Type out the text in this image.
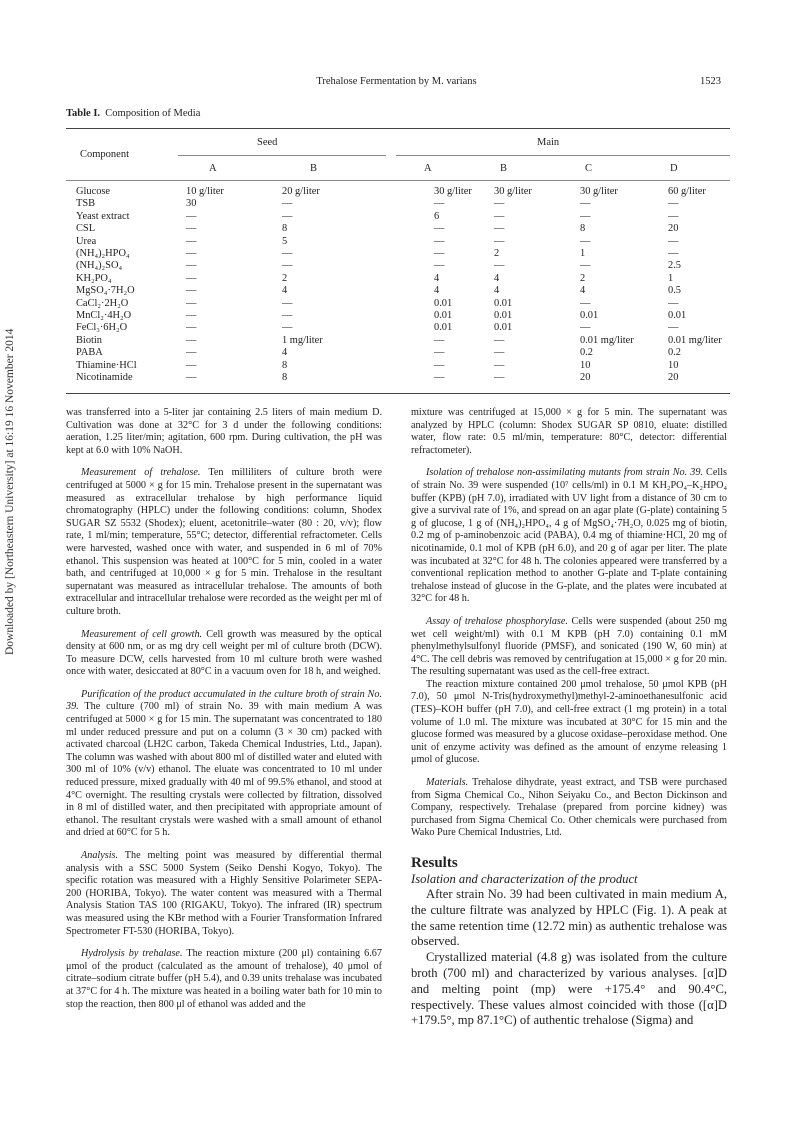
Trehalose Fermentation by M. varians	1523
Downloaded by [Northeastern University] at 16:19 16 November 2014
Table I. Composition of Media
Seed	Main
Component
A	B	A	B	C	D
Glucose	10 g/liter	20 g/liter	30 g/liter	30 g/liter	30 g/liter	60 g/liter
TSB	30	—	—	—	—	—
Yeast extract	—	—	6	—	—	—
CSL	—	8	—	—	8	20
Urea	—	5	—	—	—	—
(NH₄)₂HPO₄	—	—	—	2	1	—
(NH₄)₂SO₄	—	—	—	—	—	2.5
KH₂PO₄	—	2	4	4	2	1
MgSO₄·7H₂O	—	4	4	4	4	0.5
CaCl₂·2H₂O	—	—	0.01	0.01	—	—
MnCl₂·4H₂O	—	—	0.01	0.01	0.01	0.01
FeCl₃·6H₂O	—	—	0.01	0.01	—	—
Biotin	—	1 mg/liter	—	—	0.01 mg/liter	0.01 mg/liter
PABA	—	4	—	—	0.2	0.2
Thiamine·HCl	—	8	—	—	10	10
Nicotinamide	—	8	—	—	20	20

was transferred into a 5-liter jar containing 2.5 liters of main medium D. Cultivation was done at 32°C for 3 d under the following conditions: aeration, 1.25 liter/min; agitation, 600 rpm. During cultivation, the pH was kept at 6.0 with 10% NaOH.

Measurement of trehalose. Ten milliliters of culture broth were centrifuged at 5000 × g for 15 min. Trehalose present in the supernatant was measured as extracellular trehalose by high performance liquid chromatography (HPLC) under the following conditions: column, Shodex SUGAR SZ 5532 (Shodex); eluent, acetonitrile–water (80 : 20, v/v); flow rate, 1 ml/min; temperature, 55°C; detector, differential refractometer. Cells were harvested, washed once with water, and suspended in 6 ml of 70% ethanol. This suspension was heated at 100°C for 5 min, cooled in a water bath, and centrifuged at 10,000 × g for 5 min. Trehalose in the resultant supernatant was measured as intracellular trehalose. The amounts of both extracellular and intracellular trehalose were recorded as the weight per ml of culture broth.

Measurement of cell growth. Cell growth was measured by the optical density at 600 nm, or as mg dry cell weight per ml of culture broth (DCW). To measure DCW, cells harvested from 10 ml culture broth were washed once with water, desiccated at 80°C in a vacuum oven for 18 h, and weighed.

Purification of the product accumulated in the culture broth of strain No. 39. The culture (700 ml) of strain No. 39 with main medium A was centrifuged at 5000 × g for 15 min. The supernatant was concentrated to 180 ml under reduced pressure and put on a column (3 × 30 cm) packed with activated charcoal (LH2C carbon, Takeda Chemical Industries, Ltd., Japan). The column was washed with about 800 ml of distilled water and eluted with 300 ml of 10% (v/v) ethanol. The eluate was concentrated to 10 ml under reduced pressure, mixed gradually with 40 ml of 99.5% ethanol, and stood at 4°C overnight. The resulting crystals were collected by filtration, dissolved in 8 ml of distilled water, and then precipitated with appropriate amount of ethanol. The resultant crystals were washed with a small amount of ethanol and dried at 60°C for 5 h.

Analysis. The melting point was measured by differential thermal analysis with a SSC 5000 System (Seiko Denshi Kogyo, Tokyo). The specific rotation was measured with a Highly Sensitive Polarimeter SEPA-200 (HORIBA, Tokyo). The water content was measured with a Thermal Analysis Station TAS 100 (RIGAKU, Tokyo). The infrared (IR) spectrum was measured using the KBr method with a Fourier Transformation Infrared Spectrometer FT-530 (HORIBA, Tokyo).

Hydrolysis by trehalase. The reaction mixture (200 μl) containing 6.67 μmol of the product (calculated as the amount of trehalose), 40 μmol of citrate–sodium citrate buffer (pH 5.4), and 0.39 units trehalase was incubated at 37°C for 4 h. The mixture was heated in a boiling water bath for 10 min to stop the reaction, then 800 μl of ethanol was added and the

mixture was centrifuged at 15,000 × g for 5 min. The supernatant was analyzed by HPLC (column: Shodex SUGAR SP 0810, eluate: distilled water, flow rate: 0.5 ml/min, temperature: 80°C, detector: differential refractometer).

Isolation of trehalose non-assimilating mutants from strain No. 39. Cells of strain No. 39 were suspended (10⁷ cells/ml) in 0.1 M KH₂PO₄–K₂HPO₄ buffer (KPB) (pH 7.0), irradiated with UV light from a distance of 30 cm to give a survival rate of 1%, and spread on an agar plate (G-plate) containing 5 g of glucose, 1 g of (NH₄)₂HPO₄, 4 g of MgSO₄·7H₂O, 0.025 mg of biotin, 0.2 mg of p-aminobenzoic acid (PABA), 0.4 mg of thiamine·HCl, 20 mg of nicotinamide, 0.1 mol of KPB (pH 6.0), and 20 g of agar per liter. The plate was incubated at 32°C for 48 h. The colonies appeared were transferred by a conventional replication method to another G-plate and T-plate containing trehalose instead of glucose in the G-plate, and the plates were incubated at 32°C for 48 h.

Assay of trehalose phosphorylase. Cells were suspended (about 250 mg wet cell weight/ml) with 0.1 M KPB (pH 7.0) containing 0.1 mM phenylmethylsulfonyl fluoride (PMSF), and sonicated (190 W, 60 min) at 4°C. The cell debris was removed by centrifugation at 15,000 × g for 20 min. The resulting supernatant was used as the cell-free extract.

The reaction mixture contained 200 μmol trehalose, 50 μmol KPB (pH 7.0), 50 μmol N-Tris(hydroxymethyl)methyl-2-aminoethanesulfonic acid (TES)–KOH buffer (pH 7.0), and cell-free extract (1 mg protein) in a total volume of 1.0 ml. The mixture was incubated at 30°C for 15 min and the glucose formed was measured by a glucose oxidase–peroxidase method. One unit of enzyme activity was defined as the amount of enzyme releasing 1 μmol of glucose.

Materials. Trehalose dihydrate, yeast extract, and TSB were purchased from Sigma Chemical Co., Nihon Seiyaku Co., and Becton Dickinson and Company, respectively. Trehalase (prepared from porcine kidney) was purchased from Sigma Chemical Co. Other chemicals were purchased from Wako Pure Chemical Industries, Ltd.

Results

Isolation and characterization of the product

After strain No. 39 had been cultivated in main medium A, the culture filtrate was analyzed by HPLC (Fig. 1). A peak at the same retention time (12.72 min) as authentic trehalose was observed.

Crystallized material (4.8 g) was isolated from the culture broth (700 ml) and characterized by various analyses. [α]D and melting point (mp) were +175.4° and 90.4°C, respectively. These values almost coincided with those ([α]D +179.5°, mp 87.1°C) of authentic trehalose (Sigma) and
